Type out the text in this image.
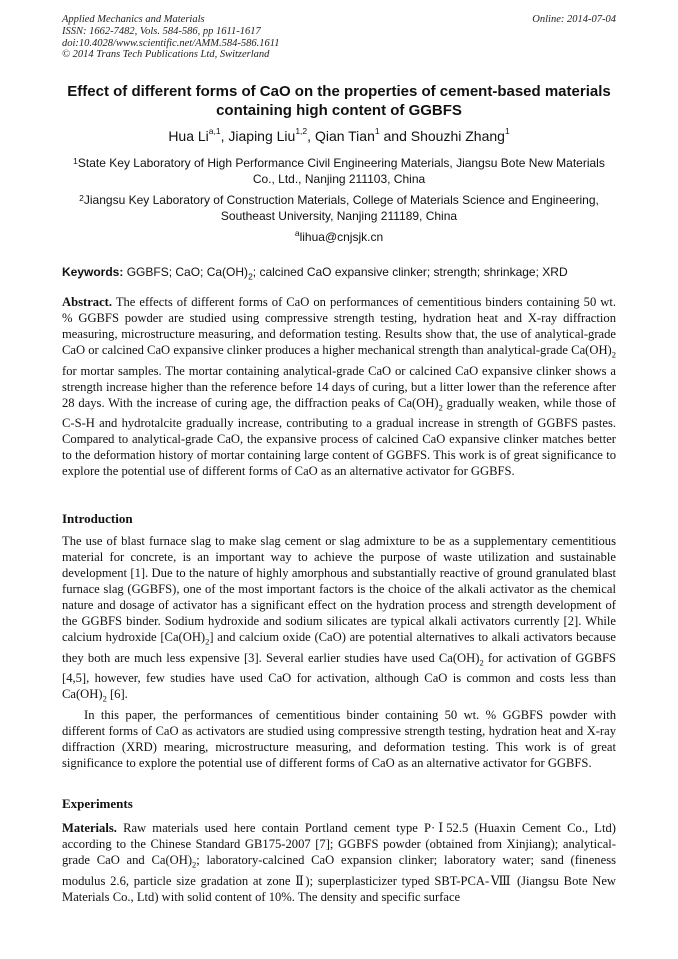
Applied Mechanics and Materials
ISSN: 1662-7482, Vols. 584-586, pp 1611-1617
doi:10.4028/www.scientific.net/AMM.584-586.1611
© 2014 Trans Tech Publications Ltd, Switzerland
Online: 2014-07-04
Effect of different forms of CaO on the properties of cement-based materials containing high content of GGBFS
Hua Li$^{a,1}$, Jiaping Liu$^{1,2}$, Qian Tian$^1$ and Shouzhi Zhang$^1$
$^1$State Key Laboratory of High Performance Civil Engineering Materials, Jiangsu Bote New Materials Co., Ltd., Nanjing 211103, China
$^2$Jiangsu Key Laboratory of Construction Materials, College of Materials Science and Engineering, Southeast University, Nanjing 211189, China
$^a$lihua@cnjsjk.cn
Keywords: GGBFS; CaO; $Ca(OH)_2$; calcined CaO expansive clinker; strength; shrinkage; XRD

Abstract. The effects of different forms of CaO on performances of cementitious binders containing 50 wt. % GGBFS powder are studied using compressive strength testing, hydration heat and X-ray diffraction measuring, microstructure measuring, and deformation testing. Results show that, the use of analytical-grade CaO or calcined CaO expansive clinker produces a higher mechanical strength than analytical-grade $Ca(OH)_2$ for mortar samples. The mortar containing analytical-grade CaO or calcined CaO expansive clinker shows a strength increase higher than the reference before 14 days of curing, but a litter lower than the reference after 28 days. With the increase of curing age, the diffraction peaks of $Ca(OH)_2$ gradually weaken, while those of C-S-H and hydrotalcite gradually increase, contributing to a gradual increase in strength of GGBFS pastes. Compared to analytical-grade CaO, the expansive process of calcined CaO expansive clinker matches better to the deformation history of mortar containing large content of GGBFS. This work is of great significance to explore the potential use of different forms of CaO as an alternative activator for GGBFS.

Introduction

The use of blast furnace slag to make slag cement or slag admixture to be as a supplementary cementitious material for concrete, is an important way to achieve the purpose of waste utilization and sustainable development [1]. Due to the nature of highly amorphous and substantially reactive of ground granulated blast furnace slag (GGBFS), one of the most important factors is the choice of the alkali activator as the chemical nature and dosage of activator has a significant effect on the hydration process and strength development of the GGBFS binder. Sodium hydroxide and sodium silicates are typical alkali activators currently [2]. While calcium hydroxide $[Ca(OH)_2]$ and calcium oxide (CaO) are potential alternatives to alkali activators because they both are much less expensive [3]. Several earlier studies have used $Ca(OH)_2$ for activation of GGBFS [4,5], however, few studies have used CaO for activation, although CaO is common and costs less than $Ca(OH)_2$ [6].

In this paper, the performances of cementitious binder containing 50 wt. % GGBFS powder with different forms of CaO as activators are studied using compressive strength testing, hydration heat and X-ray diffraction (XRD) mearing, microstructure measuring, and deformation testing. This work is of great significance to explore the potential use of different forms of CaO as an alternative activator for GGBFS.

Experiments

Materials. Raw materials used here contain Portland cement type P·Ⅰ52.5 (Huaxin Cement Co., Ltd) according to the Chinese Standard GB175-2007 [7]; GGBFS powder (obtained from Xinjiang); analytical-grade CaO and $Ca(OH)_2$; laboratory-calcined CaO expansion clinker; laboratory water; sand (fineness modulus 2.6, particle size gradation at zone Ⅱ); superplasticizer typed SBT-PCA-Ⅷ (Jiangsu Bote New Materials Co., Ltd) with solid content of 10%. The density and specific surface
